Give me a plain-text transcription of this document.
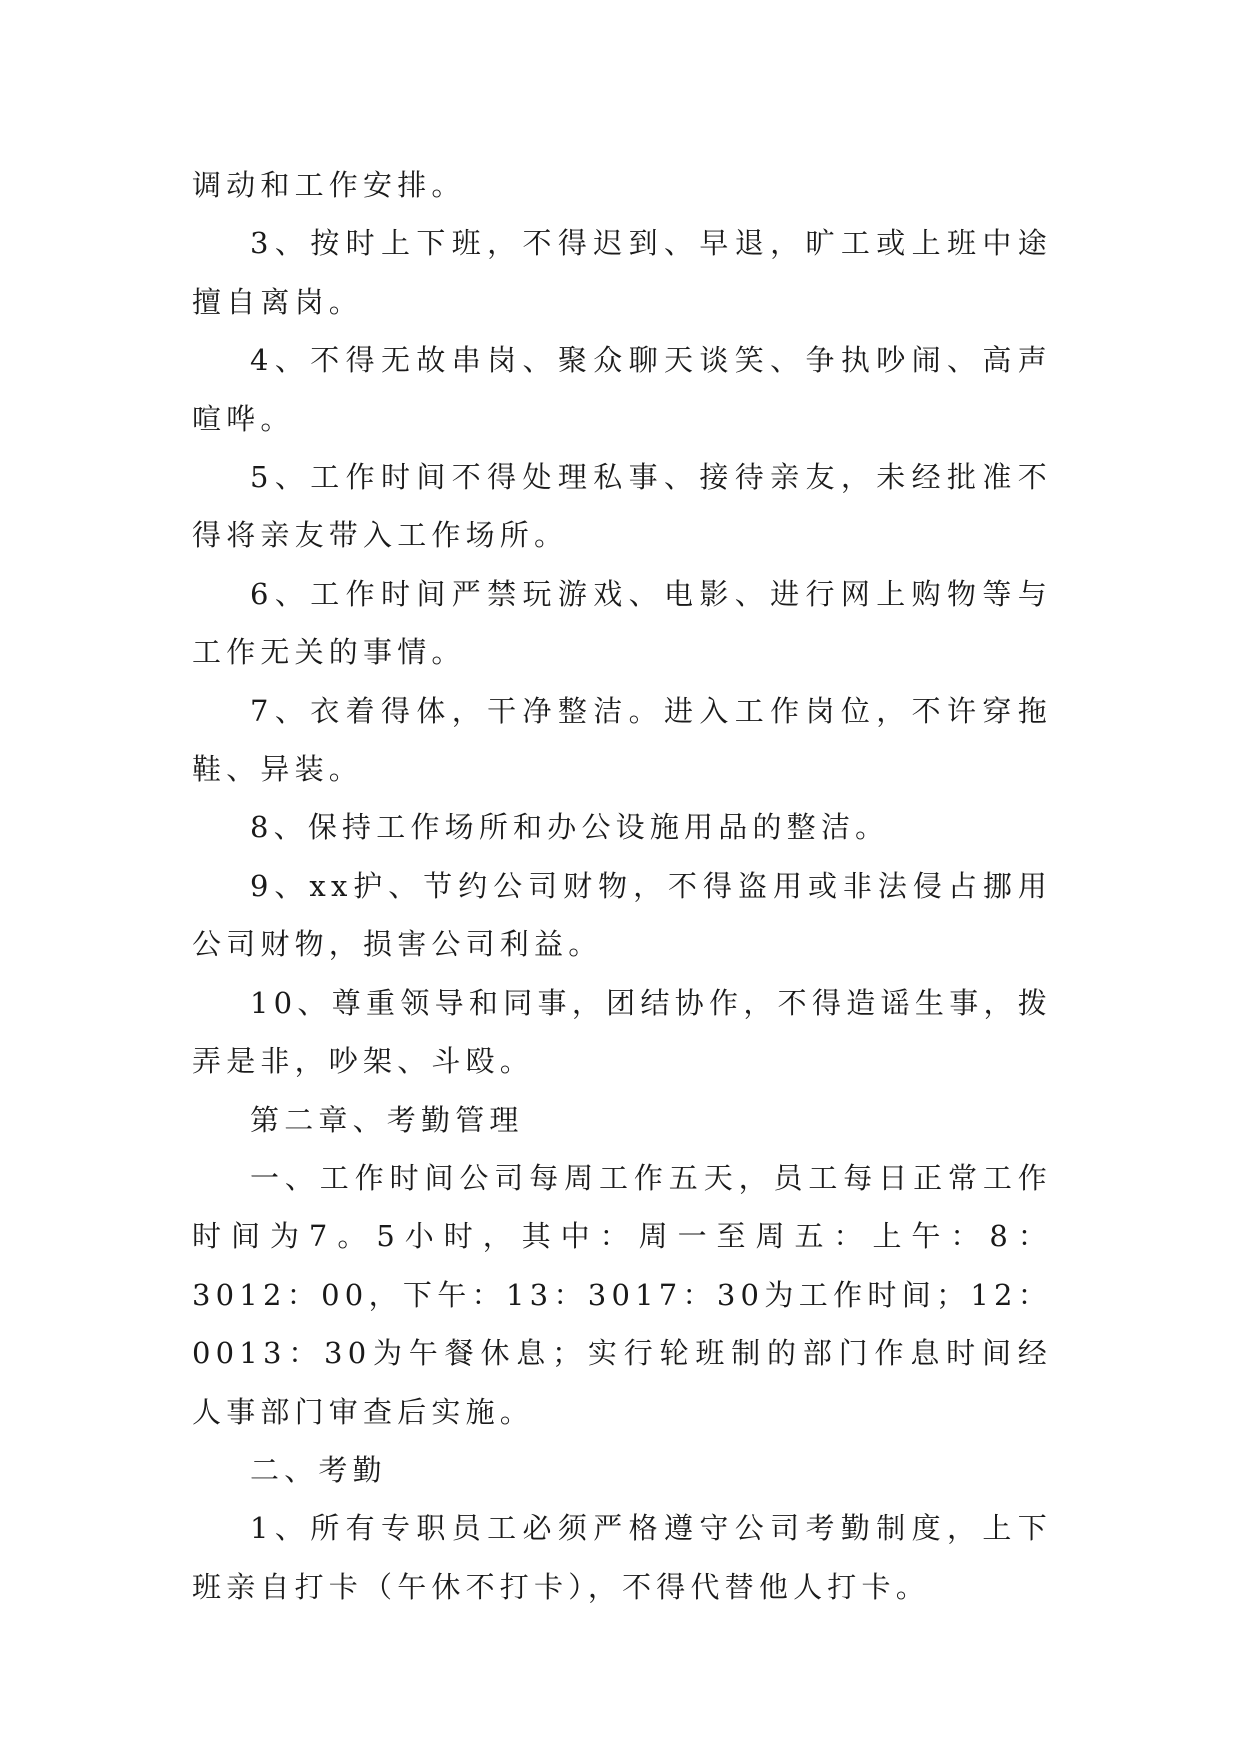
调动和工作安排。

3、按时上下班，不得迟到、早退，旷工或上班中途擅自离岗。

4、不得无故串岗、聚众聊天谈笑、争执吵闹、高声喧哗。

5、工作时间不得处理私事、接待亲友，未经批准不得将亲友带入工作场所。

6、工作时间严禁玩游戏、电影、进行网上购物等与工作无关的事情。

7、衣着得体，干净整洁。进入工作岗位，不许穿拖鞋、异装。

8、保持工作场所和办公设施用品的整洁。

9、xx护、节约公司财物，不得盗用或非法侵占挪用公司财物，损害公司利益。

10、尊重领导和同事，团结协作，不得造谣生事，拨弄是非，吵架、斗殴。

第二章、考勤管理

一、工作时间公司每周工作五天，员工每日正常工作时间为7。5小时，其中：周一至周五：上午：8：3012：00，下午：13：3017：30为工作时间；12：0013：30为午餐休息；实行轮班制的部门作息时间经人事部门审查后实施。

二、考勤

1、所有专职员工必须严格遵守公司考勤制度，上下班亲自打卡（午休不打卡），不得代替他人打卡。
